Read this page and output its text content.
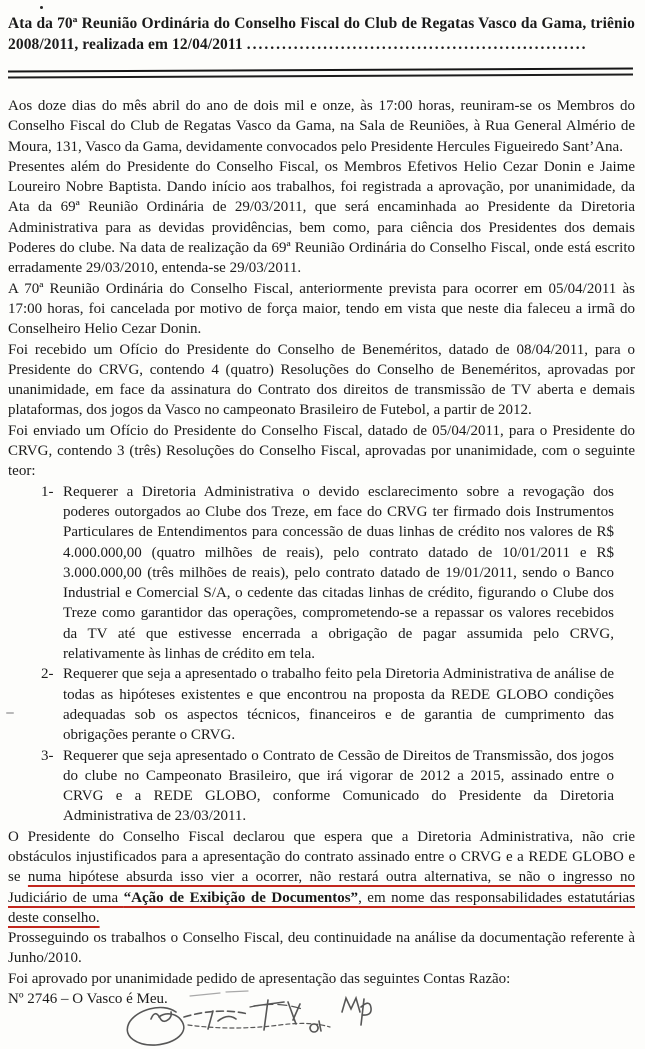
Ata da 70ª Reunião Ordinária do Conselho Fiscal do Club de Regatas Vasco da Gama, triênio 2008/2011, realizada em 12/04/2011 ..........................................................

Aos doze dias do mês abril do ano de dois mil e onze, às 17:00 horas, reuniram-se os Membros do Conselho Fiscal do Club de Regatas Vasco da Gama, na Sala de Reuniões, à Rua General Almério de Moura, 131, Vasco da Gama, devidamente convocados pelo Presidente Hercules Figueiredo Sant’Ana.

Presentes além do Presidente do Conselho Fiscal, os Membros Efetivos Helio Cezar Donin e Jaime Loureiro Nobre Baptista. Dando início aos trabalhos, foi registrada a aprovação, por unanimidade, da Ata da 69ª Reunião Ordinária de 29/03/2011, que será encaminhada ao Presidente da Diretoria Administrativa para as devidas providências, bem como, para ciência dos Presidentes dos demais Poderes do clube. Na data de realização da 69ª Reunião Ordinária do Conselho Fiscal, onde está escrito erradamente 29/03/2010, entenda-se 29/03/2011.

A 70ª Reunião Ordinária do Conselho Fiscal, anteriormente prevista para ocorrer em 05/04/2011 às 17:00 horas, foi cancelada por motivo de força maior, tendo em vista que neste dia faleceu a irmã do Conselheiro Helio Cezar Donin.

Foi recebido um Ofício do Presidente do Conselho de Beneméritos, datado de 08/04/2011, para o Presidente do CRVG, contendo 4 (quatro) Resoluções do Conselho de Beneméritos, aprovadas por unanimidade, em face da assinatura do Contrato dos direitos de transmissão de TV aberta e demais plataformas, dos jogos da Vasco no campeonato Brasileiro de Futebol, a partir de 2012.

Foi enviado um Ofício do Presidente do Conselho Fiscal, datado de 05/04/2011, para o Presidente do CRVG, contendo 3 (três) Resoluções do Conselho Fiscal, aprovadas por unanimidade, com o seguinte teor:

1- Requerer a Diretoria Administrativa o devido esclarecimento sobre a revogação dos poderes outorgados ao Clube dos Treze, em face do CRVG ter firmado dois Instrumentos Particulares de Entendimentos para concessão de duas linhas de crédito nos valores de R$ 4.000.000,00 (quatro milhões de reais), pelo contrato datado de 10/01/2011 e R$ 3.000.000,00 (três milhões de reais), pelo contrato datado de 19/01/2011, sendo o Banco Industrial e Comercial S/A, o cedente das citadas linhas de crédito, figurando o Clube dos Treze como garantidor das operações, comprometendo-se a repassar os valores recebidos da TV até que estivesse encerrada a obrigação de pagar assumida pelo CRVG, relativamente às linhas de crédito em tela.
2- Requerer que seja a apresentado o trabalho feito pela Diretoria Administrativa de análise de todas as hipóteses existentes e que encontrou na proposta da REDE GLOBO condições adequadas sob os aspectos técnicos, financeiros e de garantia de cumprimento das obrigações perante o CRVG.
3- Requerer que seja apresentado o Contrato de Cessão de Direitos de Transmissão, dos jogos do clube no Campeonato Brasileiro, que irá vigorar de 2012 a 2015, assinado entre o CRVG e a REDE GLOBO, conforme Comunicado do Presidente da Diretoria Administrativa de 23/03/2011.

O Presidente do Conselho Fiscal declarou que espera que a Diretoria Administrativa, não crie obstáculos injustificados para a apresentação do contrato assinado entre o CRVG e a REDE GLOBO e se numa hipótese absurda isso vier a ocorrer, não restará outra alternativa, se não o ingresso no Judiciário de uma “Ação de Exibição de Documentos”, em nome das responsabilidades estatutárias deste conselho.

Prosseguindo os trabalhos o Conselho Fiscal, deu continuidade na análise da documentação referente à Junho/2010.

Foi aprovado por unanimidade pedido de apresentação das seguintes Contas Razão:

Nº 2746 – O Vasco é Meu.
